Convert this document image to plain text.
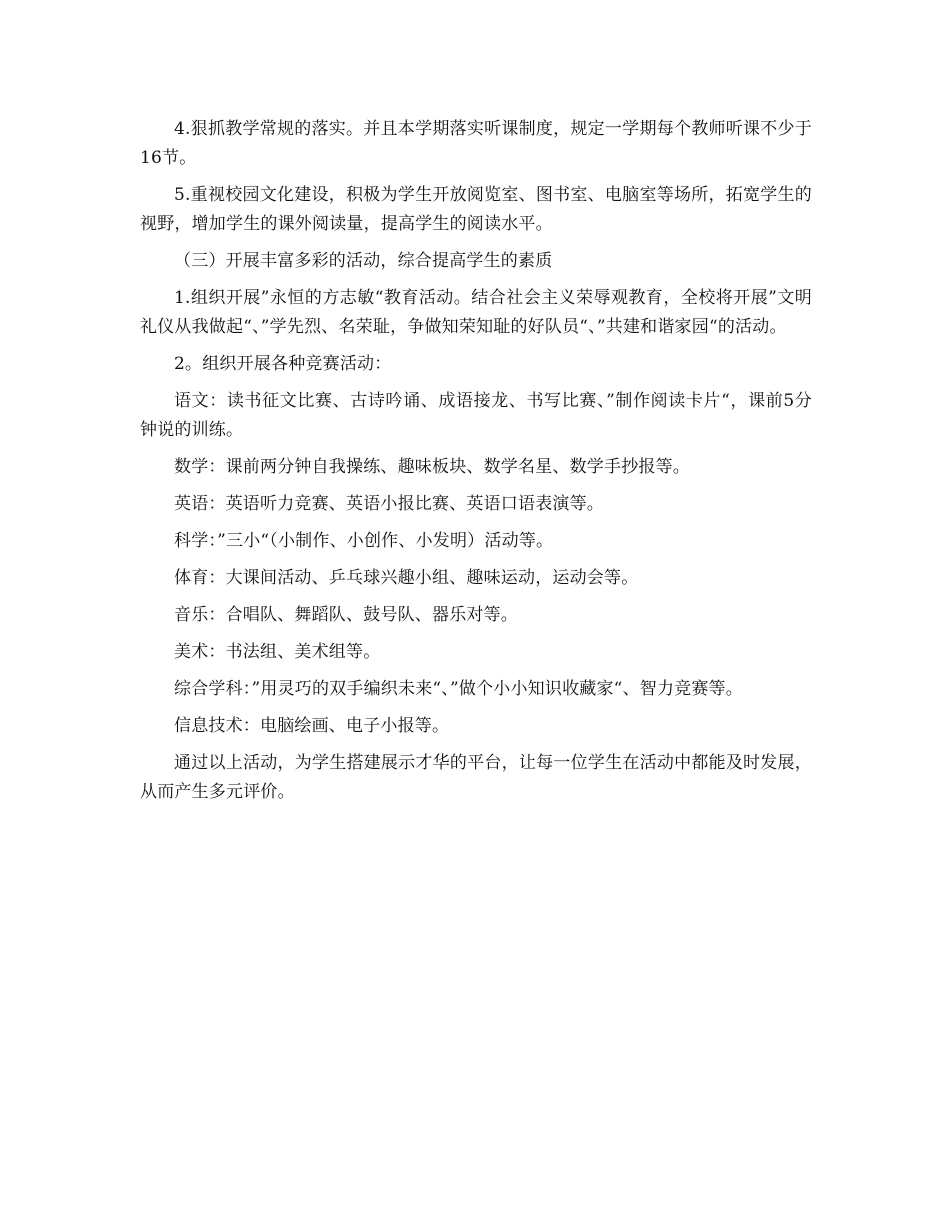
4.狠抓教学常规的落实。并且本学期落实听课制度，规定一学期每个教师听课不少于16节。

5.重视校园文化建设，积极为学生开放阅览室、图书室、电脑室等场所，拓宽学生的视野，增加学生的课外阅读量，提高学生的阅读水平。

（三）开展丰富多彩的活动，综合提高学生的素质

1.组织开展”永恒的方志敏“教育活动。结合社会主义荣辱观教育，全校将开展”文明礼仪从我做起“、”学先烈、名荣耻，争做知荣知耻的好队员“、”共建和谐家园“的活动。

2。组织开展各种竞赛活动：

语文：读书征文比赛、古诗吟诵、成语接龙、书写比赛、”制作阅读卡片“，课前5分钟说的训练。

数学：课前两分钟自我操练、趣味板块、数学名星、数学手抄报等。

英语：英语听力竞赛、英语小报比赛、英语口语表演等。

科学：”三小“（小制作、小创作、小发明）活动等。

体育：大课间活动、乒乓球兴趣小组、趣味运动，运动会等。

音乐：合唱队、舞蹈队、鼓号队、器乐对等。

美术：书法组、美术组等。

综合学科：”用灵巧的双手编织未来“、”做个小小知识收藏家“、智力竞赛等。

信息技术：电脑绘画、电子小报等。

通过以上活动，为学生搭建展示才华的平台，让每一位学生在活动中都能及时发展，从而产生多元评价。
